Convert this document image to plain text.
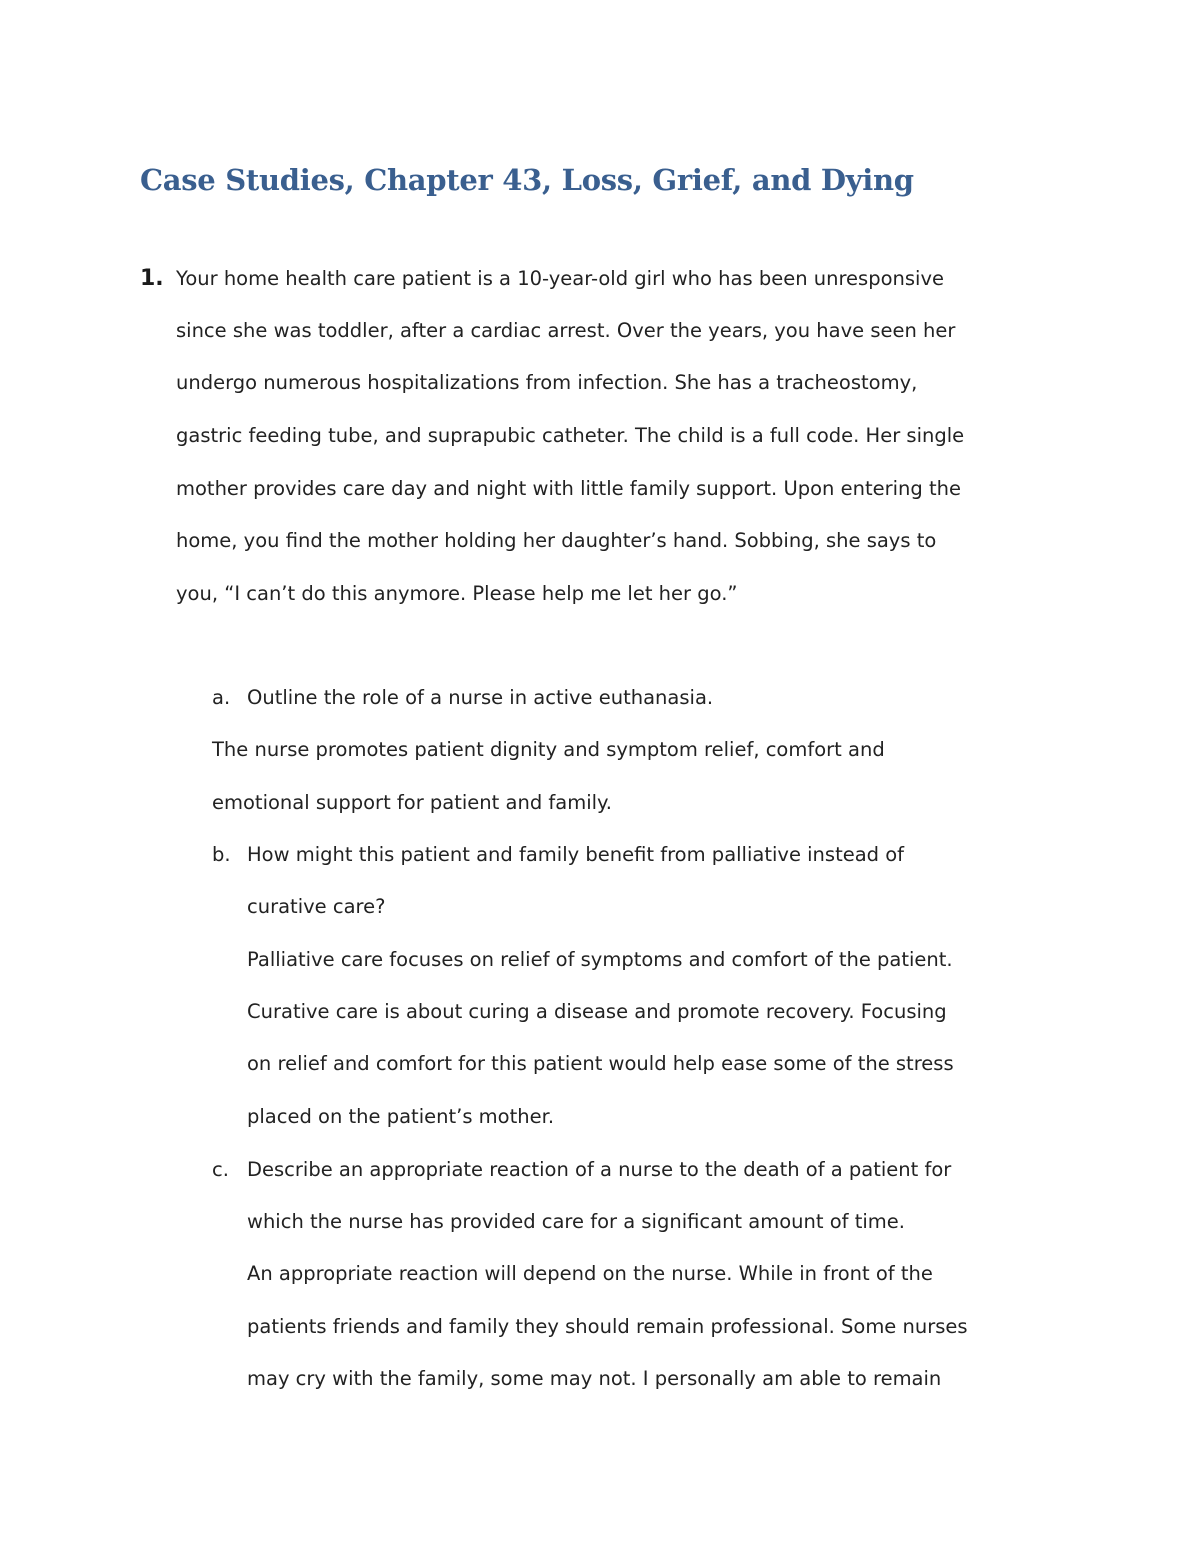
Case Studies, Chapter 43, Loss, Grief, and Dying
1. Your home health care patient is a 10-year-old girl who has been unresponsive
since she was toddler, after a cardiac arrest. Over the years, you have seen her
undergo numerous hospitalizations from infection. She has a tracheostomy,
gastric feeding tube, and suprapubic catheter. The child is a full code. Her single
mother provides care day and night with little family support. Upon entering the
home, you find the mother holding her daughter’s hand. Sobbing, she says to
you, “I can’t do this anymore. Please help me let her go.”
a. Outline the role of a nurse in active euthanasia.
The nurse promotes patient dignity and symptom relief, comfort and
emotional support for patient and family.
b. How might this patient and family benefit from palliative instead of
curative care?
Palliative care focuses on relief of symptoms and comfort of the patient.
Curative care is about curing a disease and promote recovery. Focusing
on relief and comfort for this patient would help ease some of the stress
placed on the patient’s mother.
c. Describe an appropriate reaction of a nurse to the death of a patient for
which the nurse has provided care for a significant amount of time.
An appropriate reaction will depend on the nurse. While in front of the
patients friends and family they should remain professional. Some nurses
may cry with the family, some may not. I personally am able to remain
